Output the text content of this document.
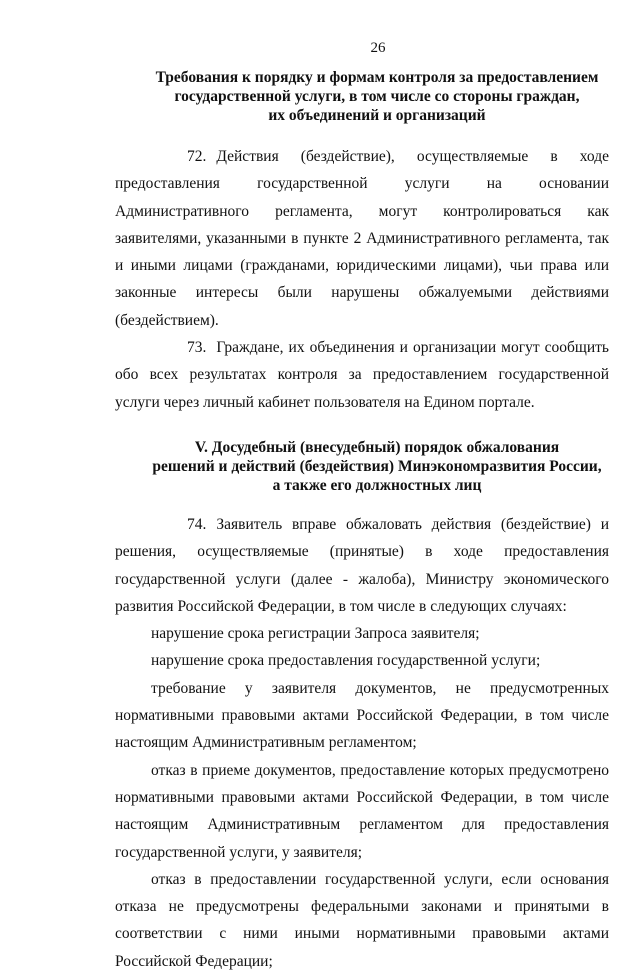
26
Требования к порядку и формам контроля за предоставлением
государственной услуги, в том числе со стороны граждан,
их объединений и организаций

72. Действия (бездействие), осуществляемые в ходе предоставления государственной услуги на основании Административного регламента, могут контролироваться как заявителями, указанными в пункте 2 Административного регламента, так и иными лицами (гражданами, юридическими лицами), чьи права или законные интересы были нарушены обжалуемыми действиями (бездействием).

73. Граждане, их объединения и организации могут сообщить обо всех результатах контроля за предоставлением государственной услуги через личный кабинет пользователя на Едином портале.

V. Досудебный (внесудебный) порядок обжалования
решений и действий (бездействия) Минэкономразвития России,
а также его должностных лиц

74. Заявитель вправе обжаловать действия (бездействие) и решения, осуществляемые (принятые) в ходе предоставления государственной услуги (далее - жалоба), Министру экономического развития Российской Федерации, в том числе в следующих случаях:

нарушение срока регистрации Запроса заявителя;

нарушение срока предоставления государственной услуги;

требование у заявителя документов, не предусмотренных нормативными правовыми актами Российской Федерации, в том числе настоящим Административным регламентом;

отказ в приеме документов, предоставление которых предусмотрено нормативными правовыми актами Российской Федерации, в том числе настоящим Административным регламентом для предоставления государственной услуги, у заявителя;

отказ в предоставлении государственной услуги, если основания отказа не предусмотрены федеральными законами и принятыми в соответствии с ними иными нормативными правовыми актами Российской Федерации;
